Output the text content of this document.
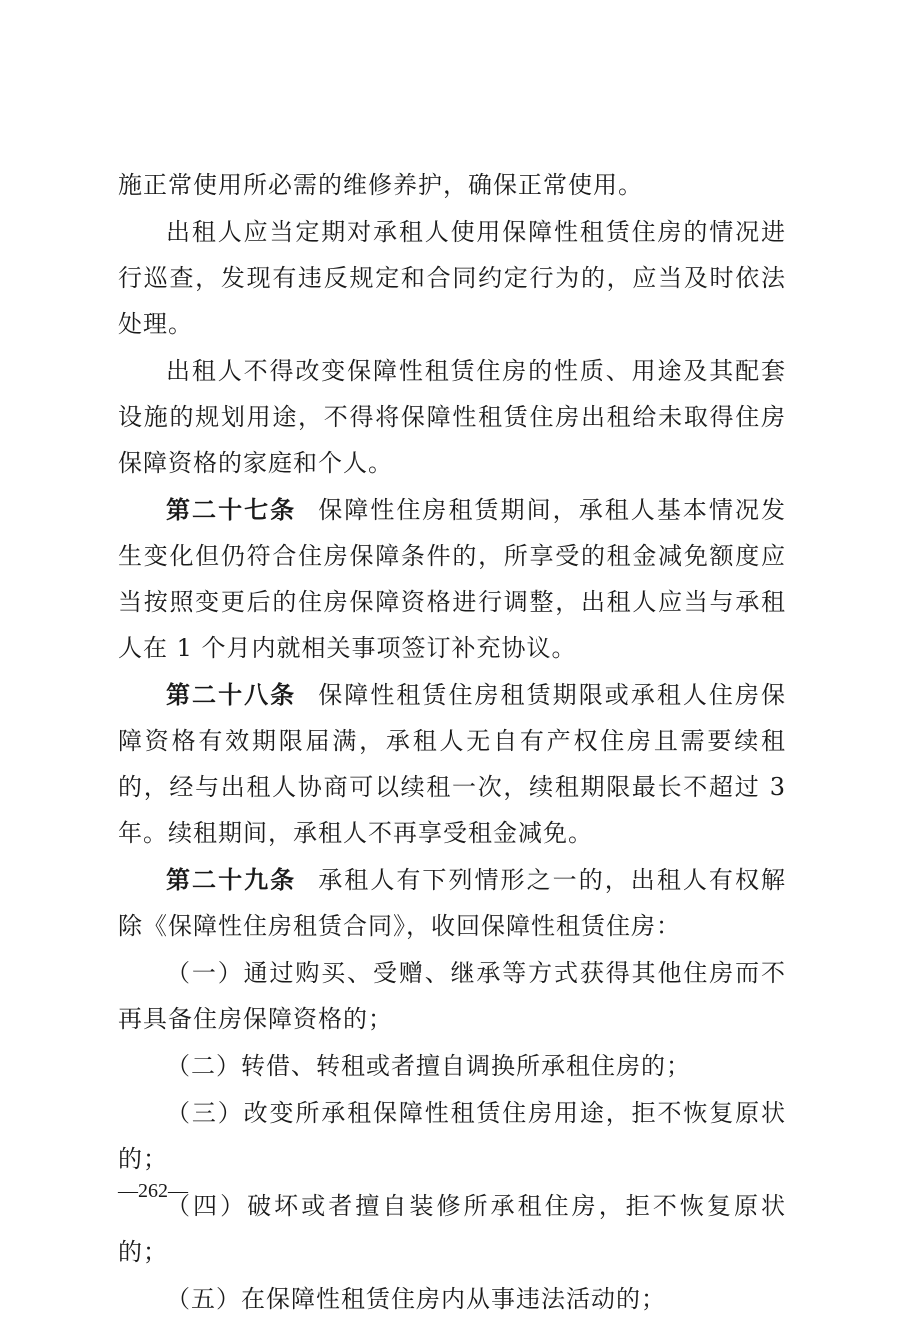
施正常使用所必需的维修养护，确保正常使用。

出租人应当定期对承租人使用保障性租赁住房的情况进行巡查，发现有违反规定和合同约定行为的，应当及时依法处理。

出租人不得改变保障性租赁住房的性质、用途及其配套设施的规划用途，不得将保障性租赁住房出租给未取得住房保障资格的家庭和个人。

第二十七条 保障性住房租赁期间，承租人基本情况发生变化但仍符合住房保障条件的，所享受的租金减免额度应当按照变更后的住房保障资格进行调整，出租人应当与承租人在 1 个月内就相关事项签订补充协议。

第二十八条 保障性租赁住房租赁期限或承租人住房保障资格有效期限届满，承租人无自有产权住房且需要续租的，经与出租人协商可以续租一次，续租期限最长不超过 3 年。续租期间，承租人不再享受租金减免。

第二十九条 承租人有下列情形之一的，出租人有权解除《保障性住房租赁合同》，收回保障性租赁住房：

（一）通过购买、受赠、继承等方式获得其他住房而不再具备住房保障资格的；

（二）转借、转租或者擅自调换所承租住房的；

（三）改变所承租保障性租赁住房用途，拒不恢复原状的；

（四）破坏或者擅自装修所承租住房，拒不恢复原状的；

（五）在保障性租赁住房内从事违法活动的；

—262—
